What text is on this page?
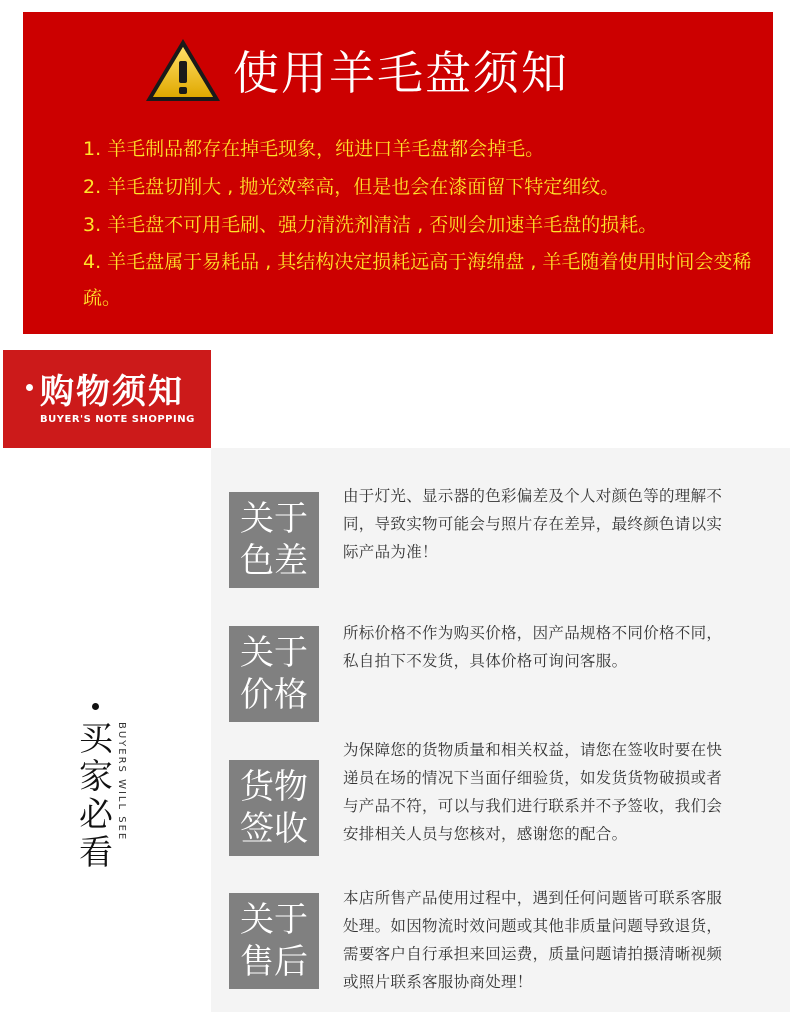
使用羊毛盘须知
1. 羊毛制品都存在掉毛现象，纯进口羊毛盘都会掉毛。
2. 羊毛盘切削大 , 抛光效率高，但是也会在漆面留下特定细纹。
3. 羊毛盘不可用毛刷、强力清洗剂清洁 , 否则会加速羊毛盘的损耗。
4. 羊毛盘属于易耗品 , 其结构决定损耗远高于海绵盘 , 羊毛随着使用时间会变稀疏。
购物须知
BUYER'S NOTE SHOPPING
关于
色差
由于灯光、显示器的色彩偏差及个人对颜色等的理解不同，导致实物可能会与照片存在差异，最终颜色请以实际产品为准！
关于
价格
所标价格不作为购买价格，因产品规格不同价格不同，私自拍下不发货，具体价格可询问客服。
货物
签收
为保障您的货物质量和相关权益，请您在签收时要在快递员在场的情况下当面仔细验货，如发货货物破损或者与产品不符，可以与我们进行联系并不予签收，我们会安排相关人员与您核对，感谢您的配合。
关于
售后
本店所售产品使用过程中，遇到任何问题皆可联系客服处理。如因物流时效问题或其他非质量问题导致退货，需要客户自行承担来回运费，质量问题请拍摄清晰视频或照片联系客服协商处理！
买
家
必
看
BUYERS WILL SEE
